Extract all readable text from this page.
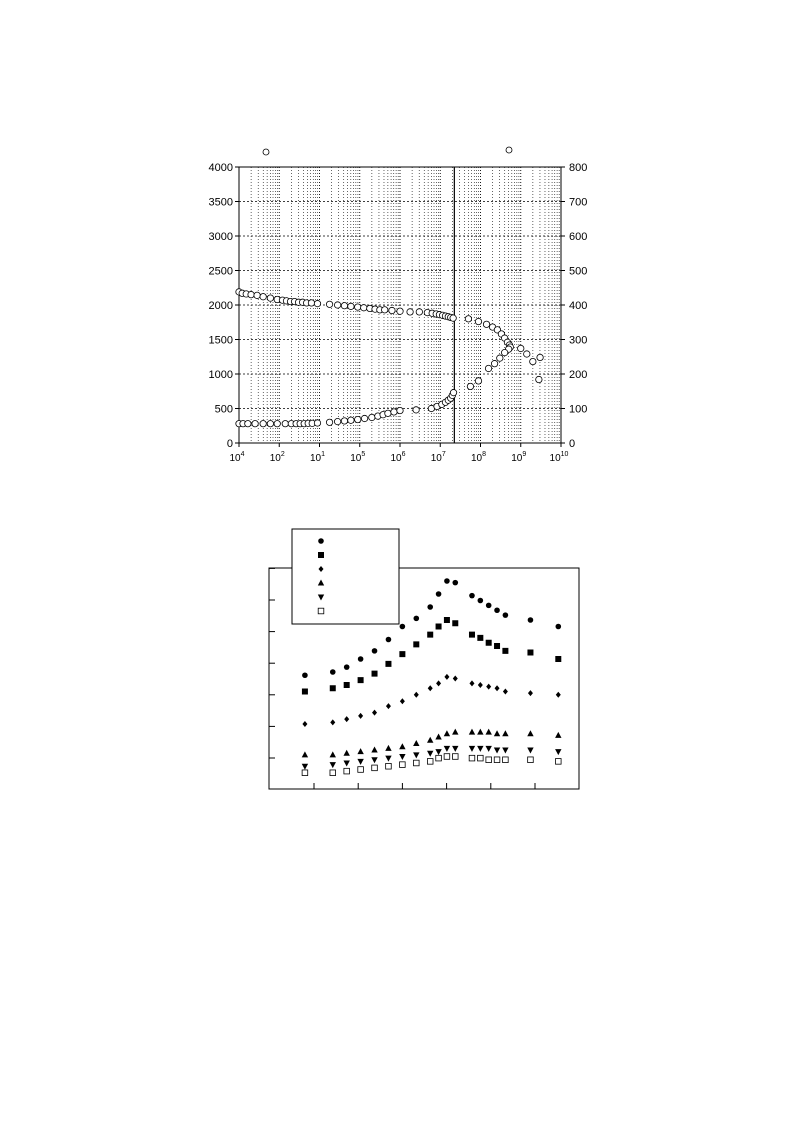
0
500
1000
1500
2000
2500
3000
3500
4000
0
100
200
300
400
500
600
700
800
$10^4$	$10^2$	$10^1$	$10^5$	$10^6$	$10^7$	$10^8$	$10^9$ $10^{10}$
